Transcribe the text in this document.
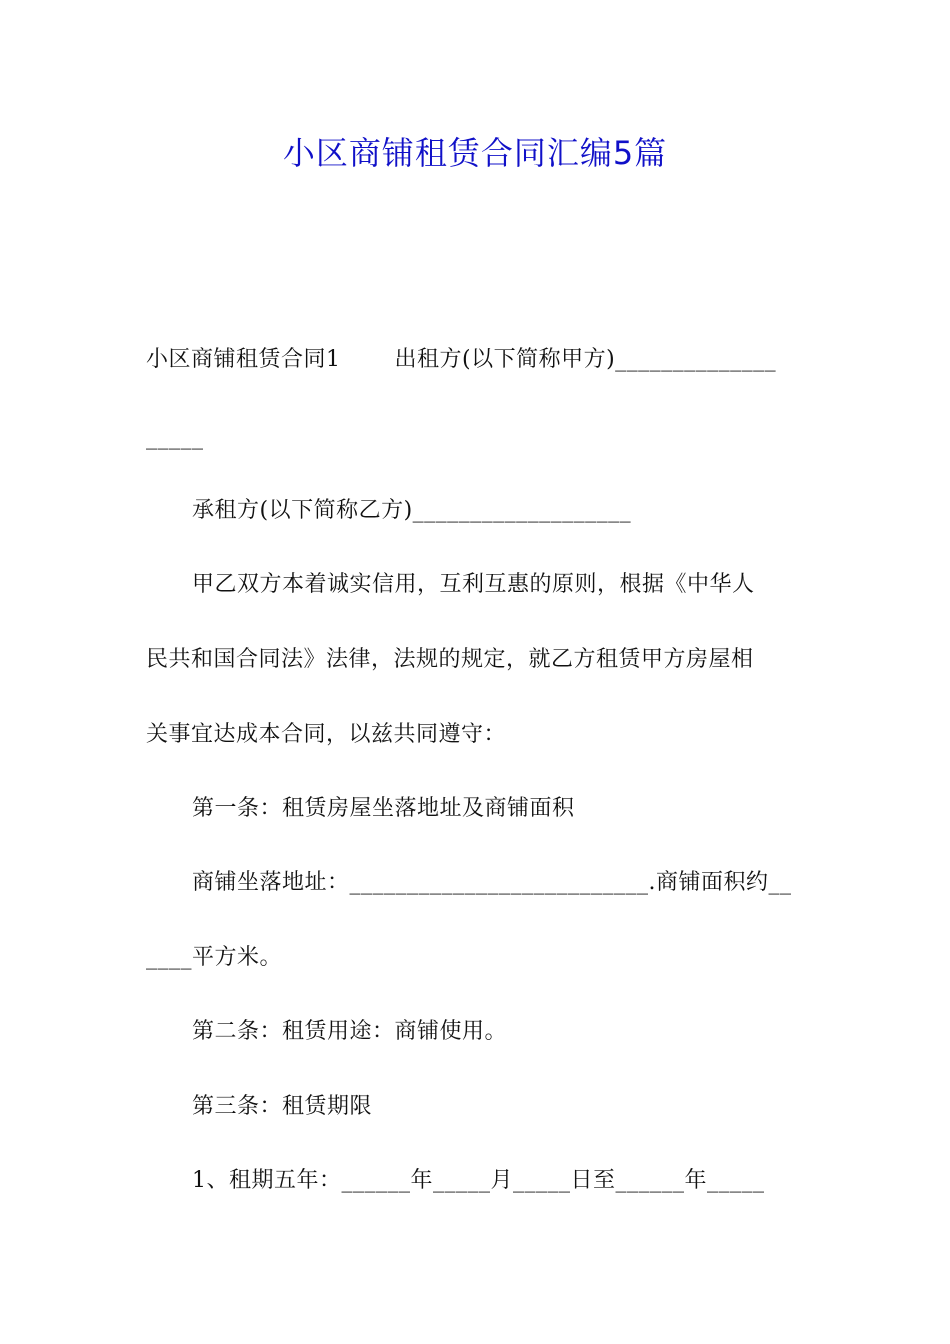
小区商铺租赁合同汇编5篇
小区商铺租赁合同1 出租方(以下简称甲方)______________
_____
承租方(以下简称乙方)___________________
甲乙双方本着诚实信用，互利互惠的原则，根据《中华人
民共和国合同法》法律，法规的规定，就乙方租赁甲方房屋相
关事宜达成本合同，以兹共同遵守：
第一条：租赁房屋坐落地址及商铺面积
商铺坐落地址：__________________________.商铺面积约__
____平方米。
第二条：租赁用途：商铺使用。
第三条：租赁期限
1、租期五年：______年_____月_____日至______年_____
